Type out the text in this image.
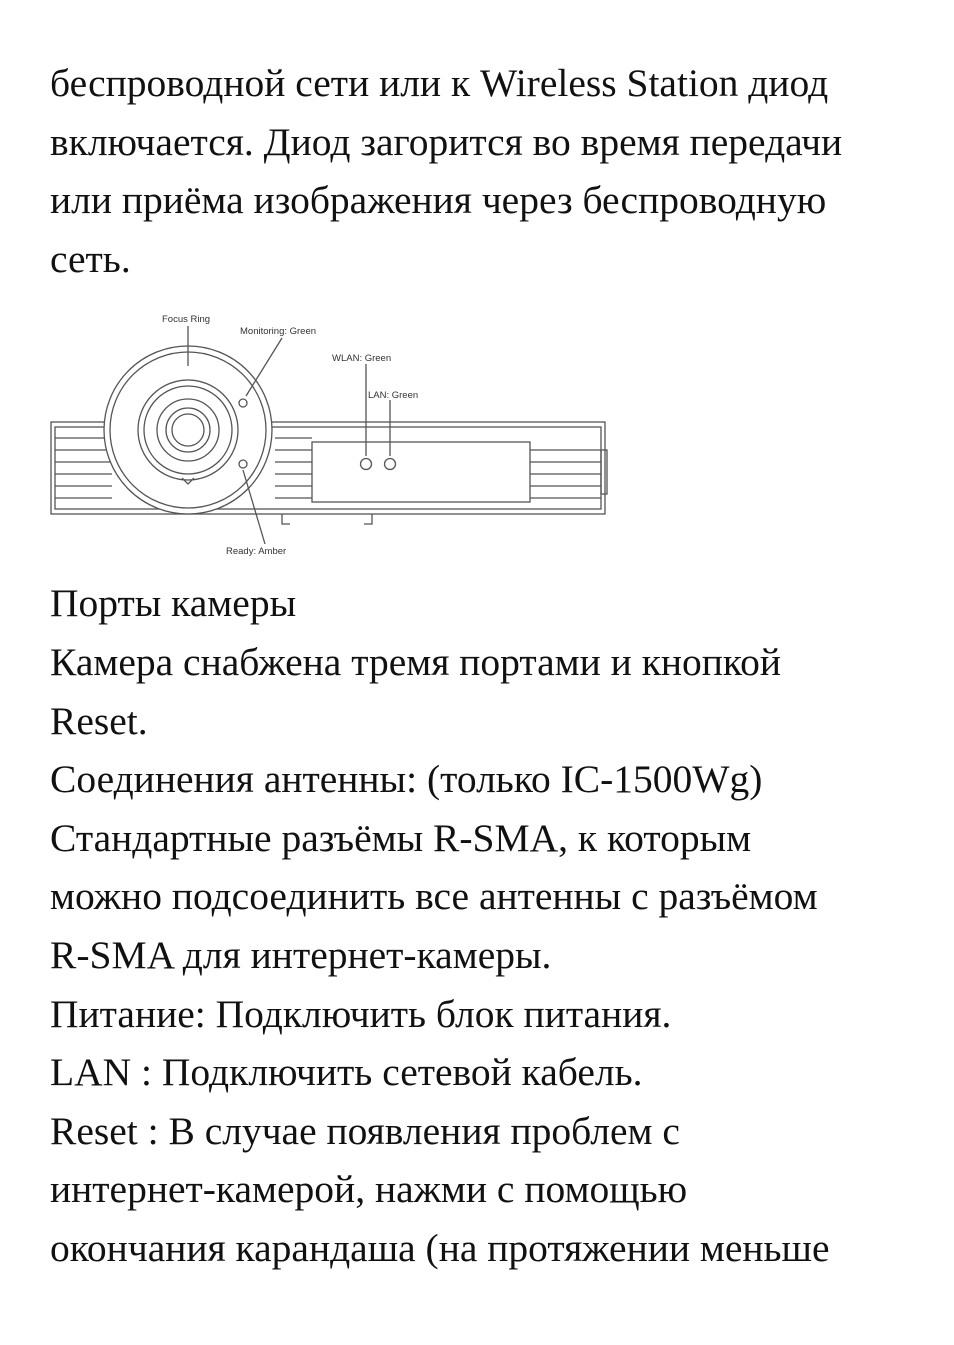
беспроводной сети или к Wireless Station диод
включается. Диод загорится во время передачи
или приёма изображения через беспроводную
сеть.
Focus Ring
Monitoring: Green
WLAN: Green
LAN: Green
Ready: Amber
Порты камеры
Камера снабжена тремя портами и кнопкой
Reset.
Соединения антенны: (только IC-1500Wg)
Стандартные разъёмы R-SMA, к которым
можно подсоединить все антенны с разъёмом
R-SMA для интернет-камеры.
Питание: Подключить блок питания.
LAN : Подключить сетевой кабель.
Reset : В случае появления проблем с
интернет-камерой, нажми с помощью
окончания карандаша (на протяжении меньше
